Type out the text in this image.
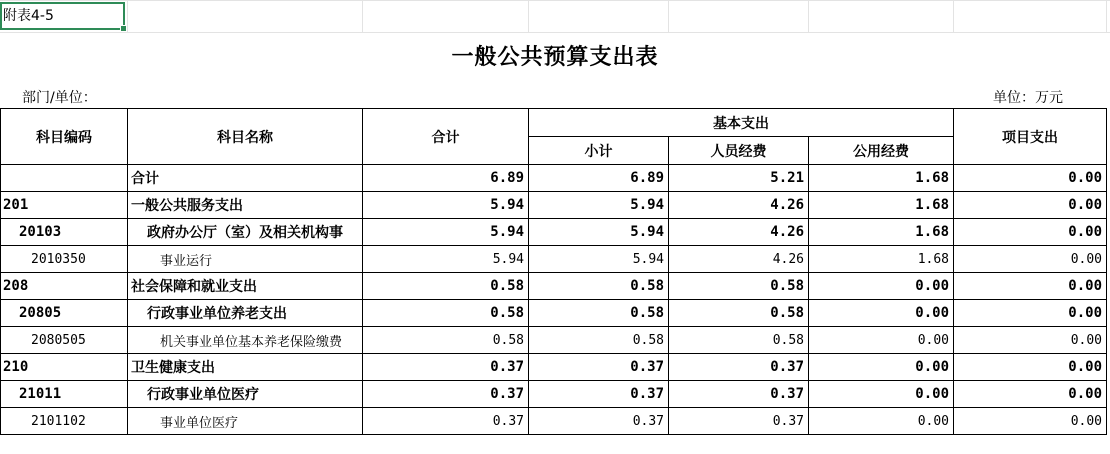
附表4-5
一般公共预算支出表
部门/单位：	单位：万元
科目编码	科目名称	合计	基本支出			项目支出
			小计	人员经费	公用经费	
	合计	6.89	6.89	5.21	1.68	0.00
201	一般公共服务支出	5.94	5.94	4.26	1.68	0.00
20103	政府办公厅（室）及相关机构事	5.94	5.94	4.26	1.68	0.00
2010350	事业运行	5.94	5.94	4.26	1.68	0.00
208	社会保障和就业支出	0.58	0.58	0.58	0.00	0.00
20805	行政事业单位养老支出	0.58	0.58	0.58	0.00	0.00
2080505	机关事业单位基本养老保险缴费	0.58	0.58	0.58	0.00	0.00
210	卫生健康支出	0.37	0.37	0.37	0.00	0.00
21011	行政事业单位医疗	0.37	0.37	0.37	0.00	0.00
2101102	事业单位医疗	0.37	0.37	0.37	0.00	0.00
